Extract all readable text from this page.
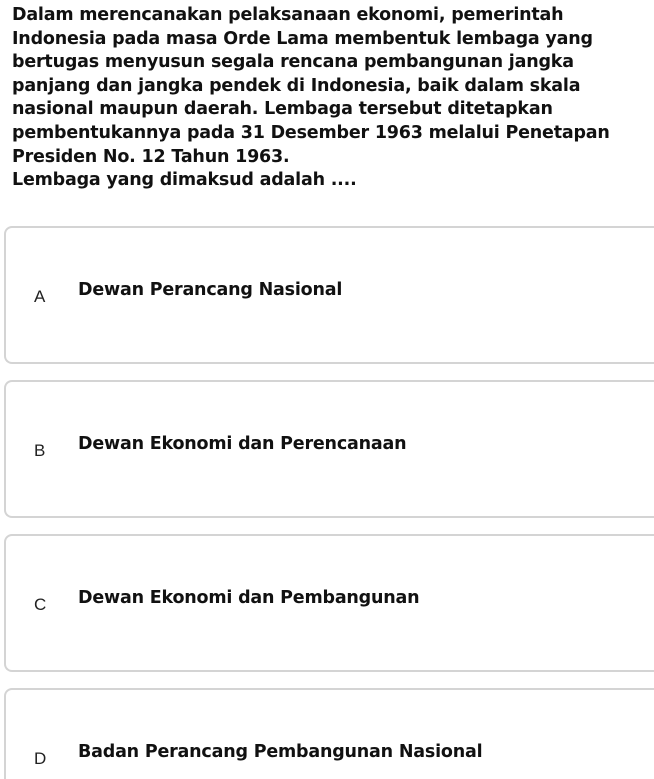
Dalam merencanakan pelaksanaan ekonomi, pemerintah Indonesia pada masa Orde Lama membentuk lembaga yang bertugas menyusun segala rencana pembangunan jangka panjang dan jangka pendek di Indonesia, baik dalam skala nasional maupun daerah. Lembaga tersebut ditetapkan pembentukannya pada 31 Desember 1963 melalui Penetapan Presiden No. 12 Tahun 1963.
Lembaga yang dimaksud adalah ....
A Dewan Perancang Nasional
B Dewan Ekonomi dan Perencanaan
C Dewan Ekonomi dan Pembangunan
D Badan Perancang Pembangunan Nasional
